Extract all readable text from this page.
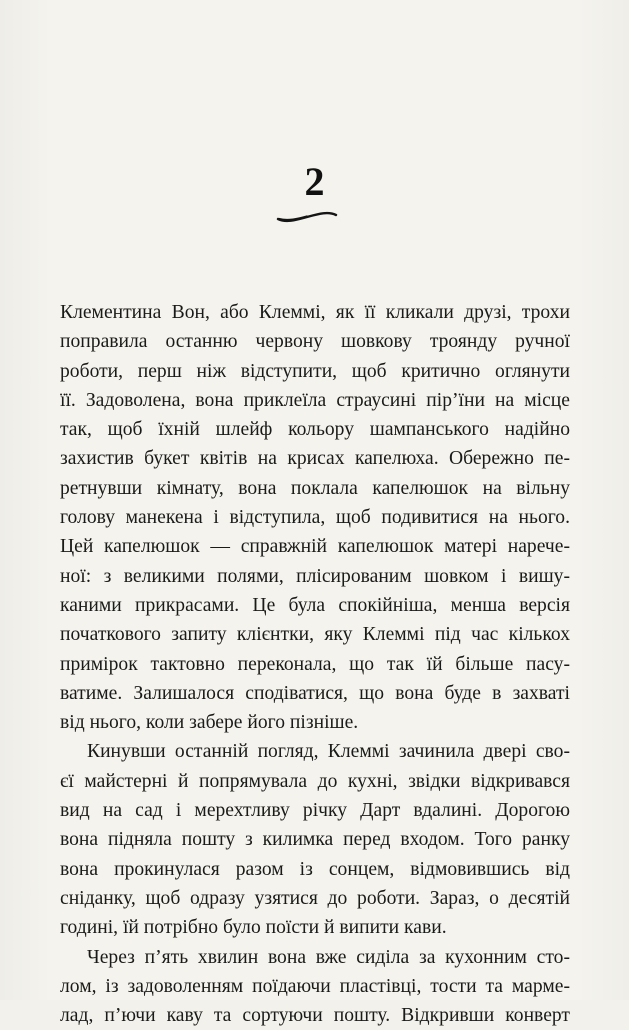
2

Клементина Вон, або Клеммі, як її кликали друзі, трохи
поправила останню червону шовкову троянду ручної
роботи, перш ніж відступити, щоб критично оглянути
її. Задоволена, вона приклеїла страусині пір’їни на місце
так, щоб їхній шлейф кольору шампанського надійно
захистив букет квітів на крисах капелюха. Обережно пе-
ретнувши кімнату, вона поклала капелюшок на вільну
голову манекена і відступила, щоб подивитися на нього.
Цей капелюшок — справжній капелюшок матері нарече-
ної: з великими полями, плісированим шовком і вишу-
каними прикрасами. Це була спокійніша, менша версія
початкового запиту клієнтки, яку Клеммі під час кількох
примірок тактовно переконала, що так їй більше пасу-
ватиме. Залишалося сподіватися, що вона буде в захваті
від нього, коли забере його пізніше.

Кинувши останній погляд, Клеммі зачинила двері сво-
єї майстерні й попрямувала до кухні, звідки відкривався
вид на сад і мерехтливу річку Дарт вдалині. Дорогою
вона підняла пошту з килимка перед входом. Того ранку
вона прокинулася разом із сонцем, відмовившись від
сніданку, щоб одразу узятися до роботи. Зараз, о десятій
годині, їй потрібно було поїсти й випити кави.

Через п’ять хвилин вона вже сиділа за кухонним сто-
лом, із задоволенням поїдаючи пластівці, тости та марме-
лад, п’ючи каву та сортуючи пошту. Відкривши конверт
